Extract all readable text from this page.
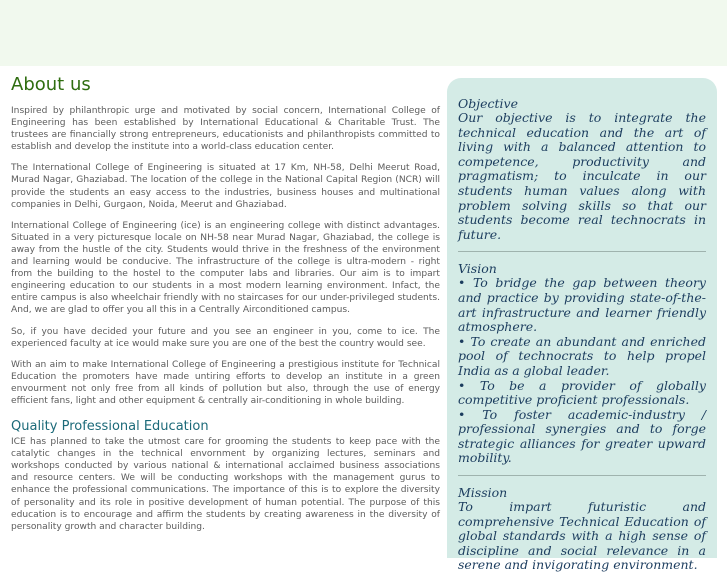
About us

Inspired by philanthropic urge and motivated by social concern, International College of Engineering has been established by International Educational & Charitable Trust. The trustees are financially strong entrepreneurs, educationists and philanthropists committed to establish and develop the institute into a world-class education center.

The International College of Engineering is situated at 17 Km, NH-58, Delhi Meerut Road, Murad Nagar, Ghaziabad. The location of the college in the National Capital Region (NCR) will provide the students an easy access to the industries, business houses and multinational companies in Delhi, Gurgaon, Noida, Meerut and Ghaziabad.

International College of Engineering (ice) is an engineering college with distinct advantages. Situated in a very picturesque locale on NH-58 near Murad Nagar, Ghaziabad, the college is away from the hustle of the city. Students would thrive in the freshness of the environment and learning would be conducive. The infrastructure of the college is ultra-modern - right from the building to the hostel to the computer labs and libraries. Our aim is to impart engineering education to our students in a most modern learning environment. Infact, the entire campus is also wheelchair friendly with no staircases for our under-privileged students. And, we are glad to offer you all this in a Centrally Airconditioned campus.

So, if you have decided your future and you see an engineer in you, come to ice. The experienced faculty at ice would make sure you are one of the best the country would see.

With an aim to make International College of Engineering a prestigious institute for Technical Education the promoters have made untiring efforts to develop an institute in a green envourment not only free from all kinds of pollution but also, through the use of energy efficient fans, light and other equipment & centrally air-conditioning in whole building.

Quality Professional Education

ICE has planned to take the utmost care for grooming the students to keep pace with the catalytic changes in the technical envornment by organizing lectures, seminars and workshops conducted by various national & international acclaimed business associations and resource centers. We will be conducting workshops with the management gurus to enhance the professional communications. The importance of this is to explore the diversity of personality and its role in positive development of human potential. The purpose of this education is to encourage and affirm the students by creating awareness in the diversity of personality growth and character building.

Objective

Our objective is to integrate the technical education and the art of living with a balanced attention to competence, productivity and pragmatism; to inculcate in our students human values along with problem solving skills so that our students become real technocrats in future.

Vision

• To bridge the gap between theory and practice by providing state-of-the-art infrastructure and learner friendly atmosphere.

• To create an abundant and enriched pool of technocrats to help propel India as a global leader.

• To be a provider of globally competitive proficient professionals.

• To foster academic-industry / professional synergies and to forge strategic alliances for greater upward mobility.

Mission

To impart futuristic and comprehensive Technical Education of global standards with a high sense of discipline and social relevance in a serene and invigorating environment.
